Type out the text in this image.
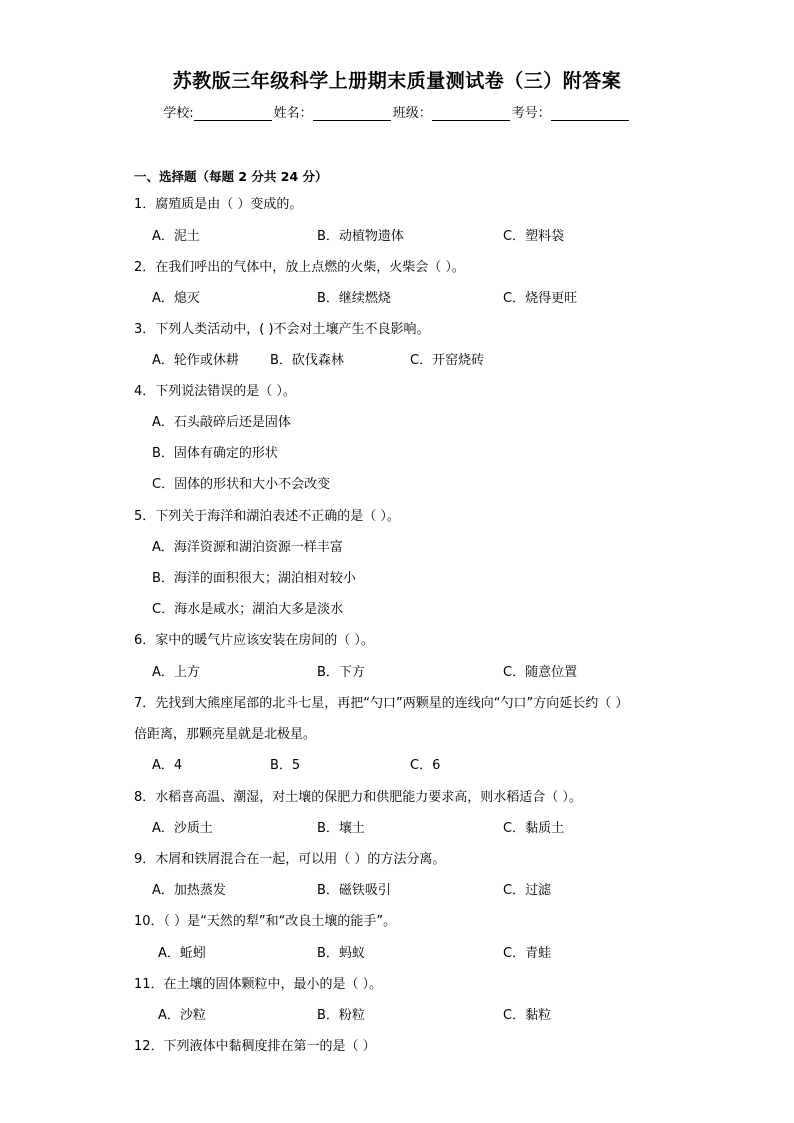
苏教版三年级科学上册期末质量测试卷（三）附答案
学校:	姓名：	班级：	考号：
一、选择题（每题 2 分共 24 分）
1．腐殖质是由（ ）变成的。
A．泥土	B．动植物遗体	C．塑料袋
2．在我们呼出的气体中，放上点燃的火柴，火柴会（ ）。
A．熄灭	B．继续燃烧	C．烧得更旺
3．下列人类活动中，( )不会对土壤产生不良影响。
A．轮作或休耕 B．砍伐森林	C．开窑烧砖
4．下列说法错误的是（ ）。
A．石头敲碎后还是固体
B．固体有确定的形状
C．固体的形状和大小不会改变
5．下列关于海洋和湖泊表述不正确的是（ ）。
A．海洋资源和湖泊资源一样丰富
B．海洋的面积很大；湖泊相对较小
C．海水是咸水；湖泊大多是淡水
6．家中的暖气片应该安装在房间的（ ）。
A．上方	B．下方	C．随意位置
7．先找到大熊座尾部的北斗七星，再把“勺口”两颗星的连线向“勺口”方向延长约（ ）
倍距离，那颗亮星就是北极星。
A．4	B．5	C．6
8．水稻喜高温、潮湿，对土壤的保肥力和供肥能力要求高，则水稻适合（ ）。
A．沙质土	B．壤土	C．黏质土
9．木屑和铁屑混合在一起，可以用（ ）的方法分离。
A．加热蒸发	B．磁铁吸引	C．过滤
10．（ ）是“天然的犁”和“改良土壤的能手”。
A．蚯蚓	B．蚂蚁	C．青蛙
11．在土壤的固体颗粒中，最小的是（ ）。
A．沙粒	B．粉粒	C．黏粒
12．下列液体中黏稠度排在第一的是（ ）
